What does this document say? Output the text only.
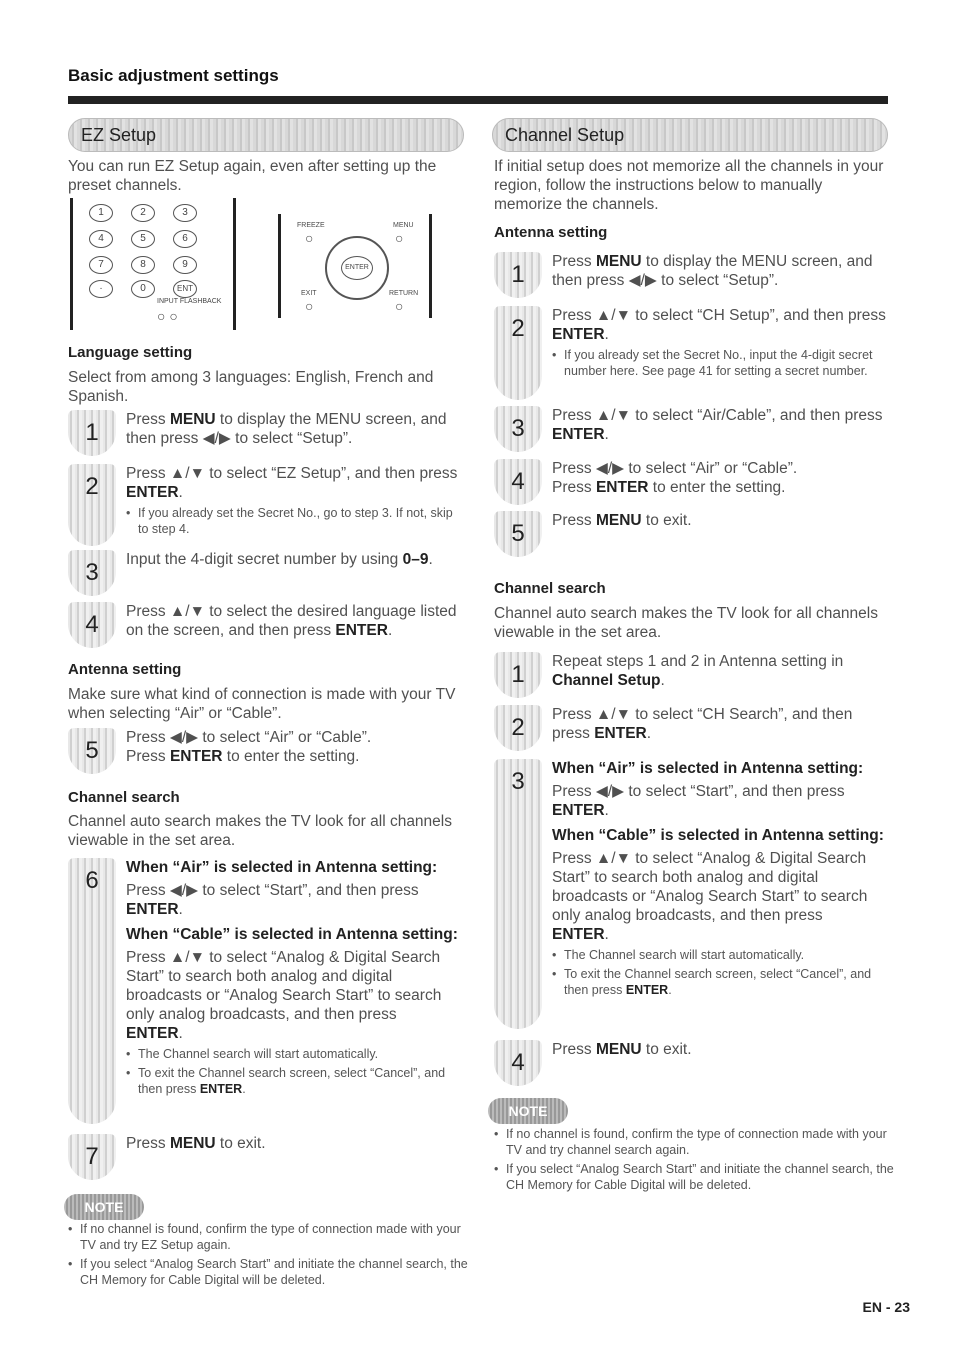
Basic adjustment settings
EZ Setup

You can run EZ Setup again, even after setting up the preset channels.

1	2	3
4	5	6
7	8	9
·	0	ENT
INPUT FLASHBACK
○ ○
FREEZE	MENU
○	○
ENTER
EXIT	RETURN
○	○
Language setting

Select from among 3 languages: English, French and Spanish.

1	Press MENU to display the MENU screen, and then press ◀/▶ to select “Setup”.
2	Press ▲/▼ to select “EZ Setup”, and then press ENTER.
• If you already set the Secret No., go to step 3. If not, skip to step 4.
3	Input the 4-digit secret number by using 0–9.
4	Press ▲/▼ to select the desired language listed on the screen, and then press ENTER.
Antenna setting

Make sure what kind of connection is made with your TV when selecting “Air” or “Cable”.

5	Press ◀/▶ to select “Air” or “Cable”.
Press ENTER to enter the setting.
Channel search

Channel auto search makes the TV look for all channels viewable in the set area.

6	When “Air” is selected in Antenna setting:
Press ◀/▶ to select “Start”, and then press
ENTER.
When “Cable” is selected in Antenna setting:
Press ▲/▼ to select “Analog & Digital Search Start” to search both analog and digital broadcasts or “Analog Search Start” to search only analog broadcasts, and then press
ENTER.
• The Channel search will start automatically.
• To exit the Channel search screen, select “Cancel”, and then press ENTER.
7	Press MENU to exit.
NOTE
• If no channel is found, confirm the type of connection made with your TV and try EZ Setup again.
• If you select “Analog Search Start” and initiate the channel search, the CH Memory for Cable Digital will be deleted.
Channel Setup

If initial setup does not memorize all the channels in your region, follow the instructions below to manually memorize the channels.

Antenna setting
1	Press MENU to display the MENU screen, and then press ◀/▶ to select “Setup”.
2	Press ▲/▼ to select “CH Setup”, and then press ENTER.
• If you already set the Secret No., input the 4-digit secret number here. See page 41 for setting a secret number.
3	Press ▲/▼ to select “Air/Cable”, and then press ENTER.
4	Press ◀/▶ to select “Air” or “Cable”.
Press ENTER to enter the setting.
5	Press MENU to exit.
Channel search

Channel auto search makes the TV look for all channels viewable in the set area.

1	Repeat steps 1 and 2 in Antenna setting in Channel Setup.
2	Press ▲/▼ to select “CH Search”, and then press ENTER.
3	When “Air” is selected in Antenna setting:
Press ◀/▶ to select “Start”, and then press
ENTER.
When “Cable” is selected in Antenna setting:
Press ▲/▼ to select “Analog & Digital Search Start” to search both analog and digital broadcasts or “Analog Search Start” to search only analog broadcasts, and then press
ENTER.
• The Channel search will start automatically.
• To exit the Channel search screen, select “Cancel”, and then press ENTER.
4	Press MENU to exit.
NOTE
• If no channel is found, confirm the type of connection made with your TV and try channel search again.
• If you select “Analog Search Start” and initiate the channel search, the CH Memory for Cable Digital will be deleted.
EN - 23
